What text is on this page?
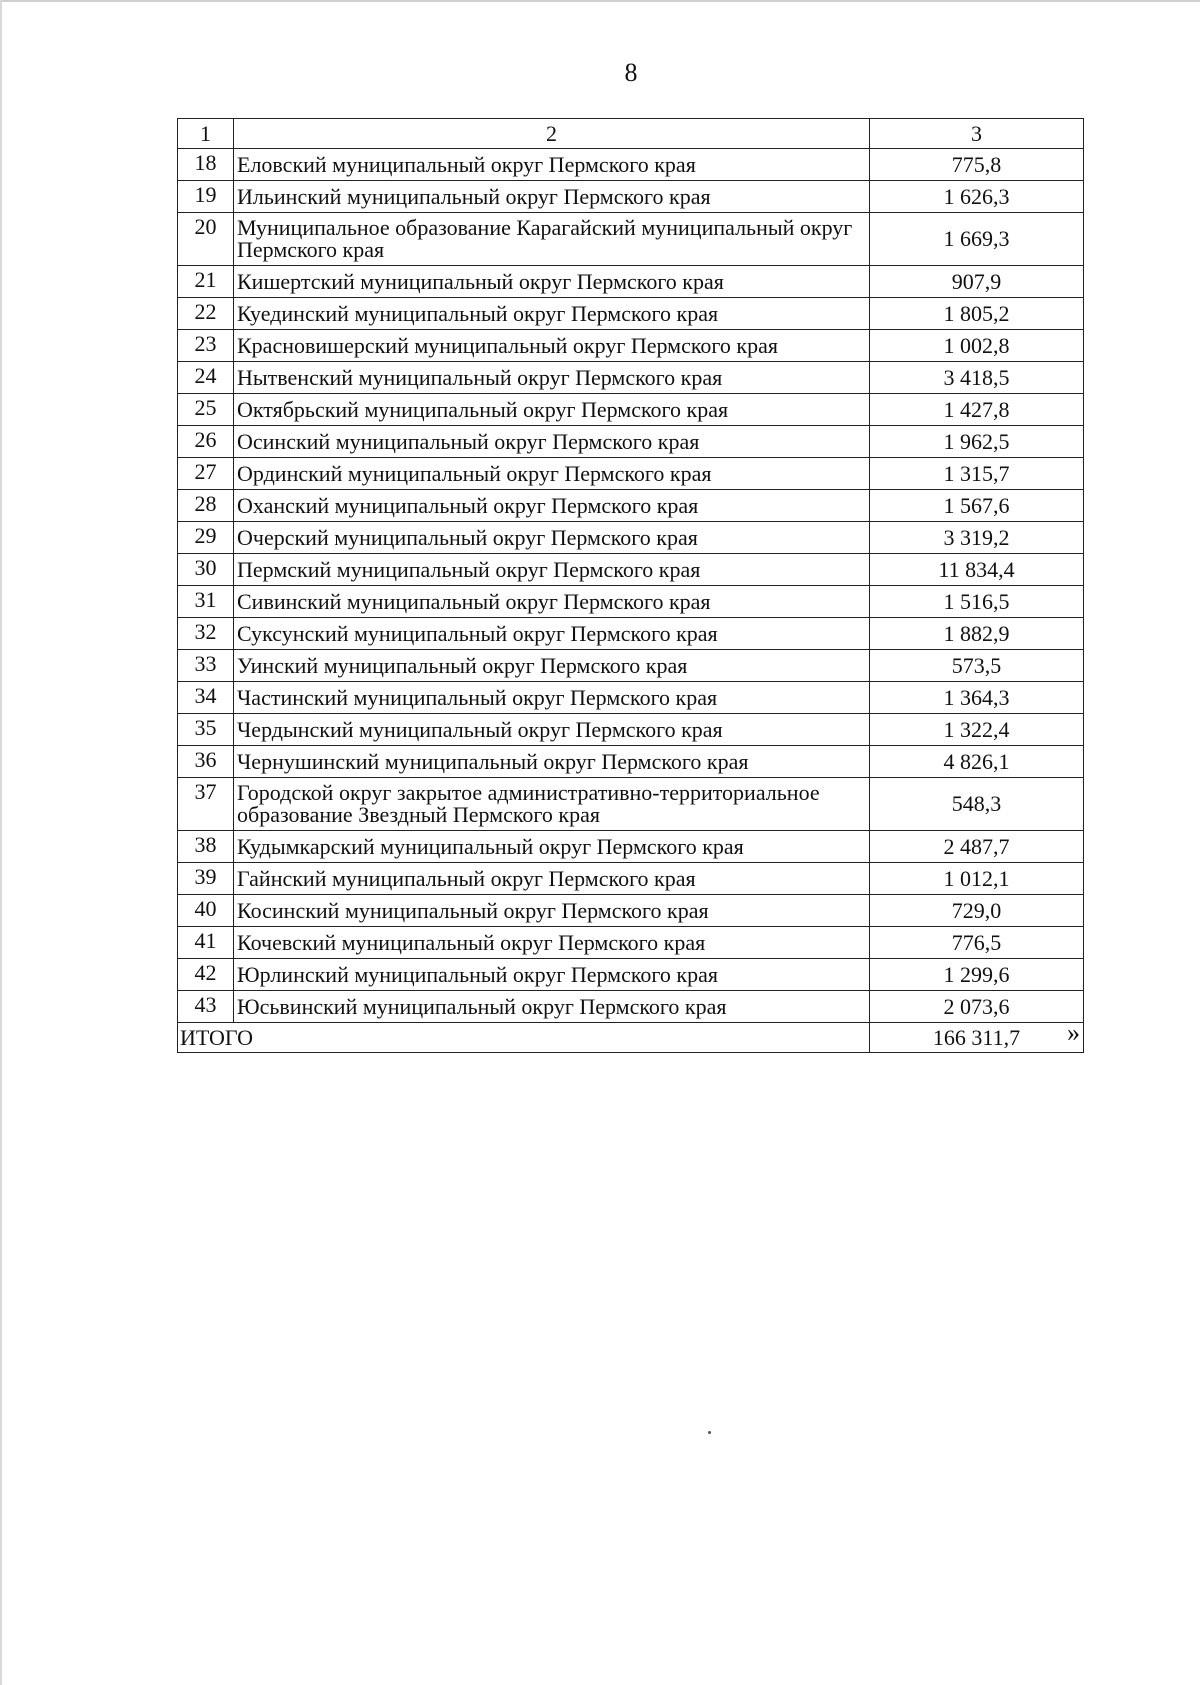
8
1	2	3
18	Еловский муниципальный округ Пермского края	775,8
19	Ильинский муниципальный округ Пермского края	1 626,3
20	Муниципальное образование Карагайский муниципальный округ Пермского края	1 669,3
21	Кишертский муниципальный округ Пермского края	907,9
22	Куединский муниципальный округ Пермского края	1 805,2
23	Красновишерский муниципальный округ Пермского края	1 002,8
24	Нытвенский муниципальный округ Пермского края	3 418,5
25	Октябрьский муниципальный округ Пермского края	1 427,8
26	Осинский муниципальный округ Пермского края	1 962,5
27	Ординский муниципальный округ Пермского края	1 315,7
28	Оханский муниципальный округ Пермского края	1 567,6
29	Очерский муниципальный округ Пермского края	3 319,2
30	Пермский муниципальный округ Пермского края	11 834,4
31	Сивинский муниципальный округ Пермского края	1 516,5
32	Суксунский муниципальный округ Пермского края	1 882,9
33	Уинский муниципальный округ Пермского края	573,5
34	Частинский муниципальный округ Пермского края	1 364,3
35	Чердынский муниципальный округ Пермского края	1 322,4
36	Чернушинский муниципальный округ Пермского края	4 826,1
37	Городской округ закрытое административно-территориальное образование Звездный Пермского края	548,3
38	Кудымкарский муниципальный округ Пермского края	2 487,7
39	Гайнский муниципальный округ Пермского края	1 012,1
40	Косинский муниципальный округ Пермского края	729,0
41	Кочевский муниципальный округ Пермского края	776,5
42	Юрлинский муниципальный округ Пермского края	1 299,6
43	Юсьвинский муниципальный округ Пермского края	2 073,6
ИТОГО		166 311,7 »
